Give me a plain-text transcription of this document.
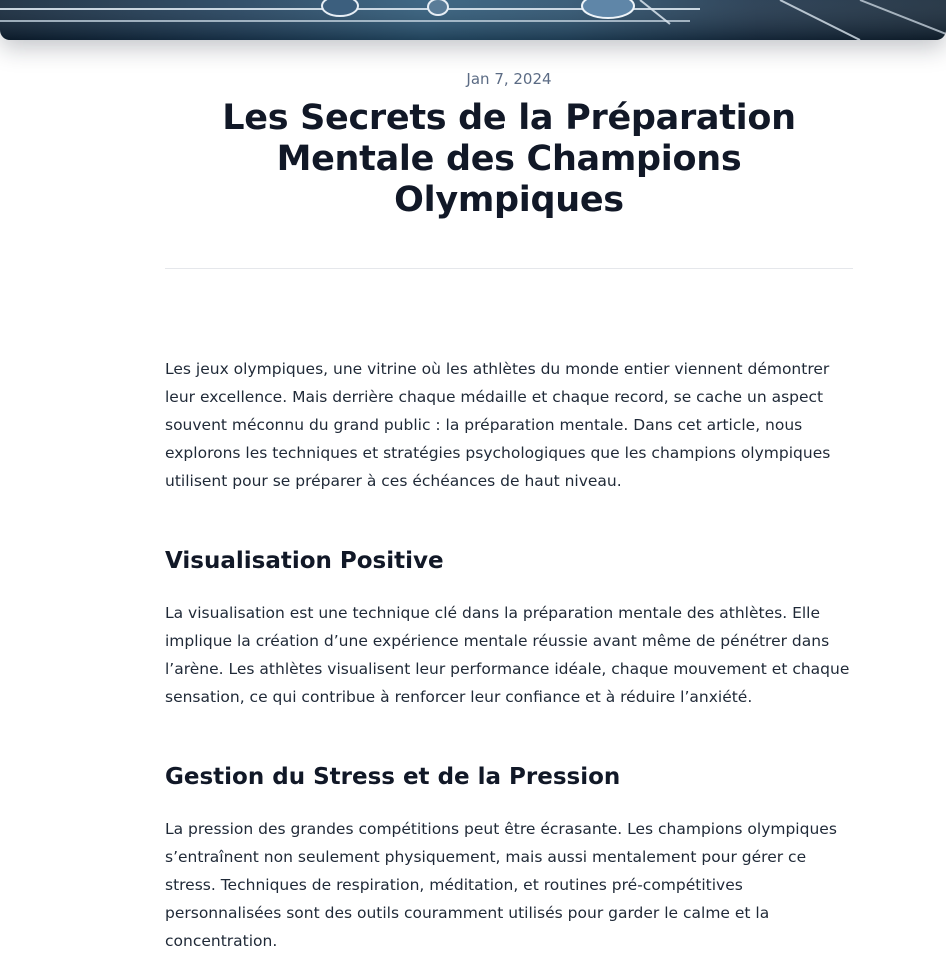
Jan 7, 2024
Les Secrets de la Préparation Mentale des Champions Olympiques

Les jeux olympiques, une vitrine où les athlètes du monde entier viennent démontrer leur excellence. Mais derrière chaque médaille et chaque record, se cache un aspect souvent méconnu du grand public : la préparation mentale. Dans cet article, nous explorons les techniques et stratégies psychologiques que les champions olympiques utilisent pour se préparer à ces échéances de haut niveau.

Visualisation Positive

La visualisation est une technique clé dans la préparation mentale des athlètes. Elle implique la création d’une expérience mentale réussie avant même de pénétrer dans l’arène. Les athlètes visualisent leur performance idéale, chaque mouvement et chaque sensation, ce qui contribue à renforcer leur confiance et à réduire l’anxiété.

Gestion du Stress et de la Pression

La pression des grandes compétitions peut être écrasante. Les champions olympiques s’entraînent non seulement physiquement, mais aussi mentalement pour gérer ce stress. Techniques de respiration, méditation, et routines pré-compétitives personnalisées sont des outils couramment utilisés pour garder le calme et la concentration.
